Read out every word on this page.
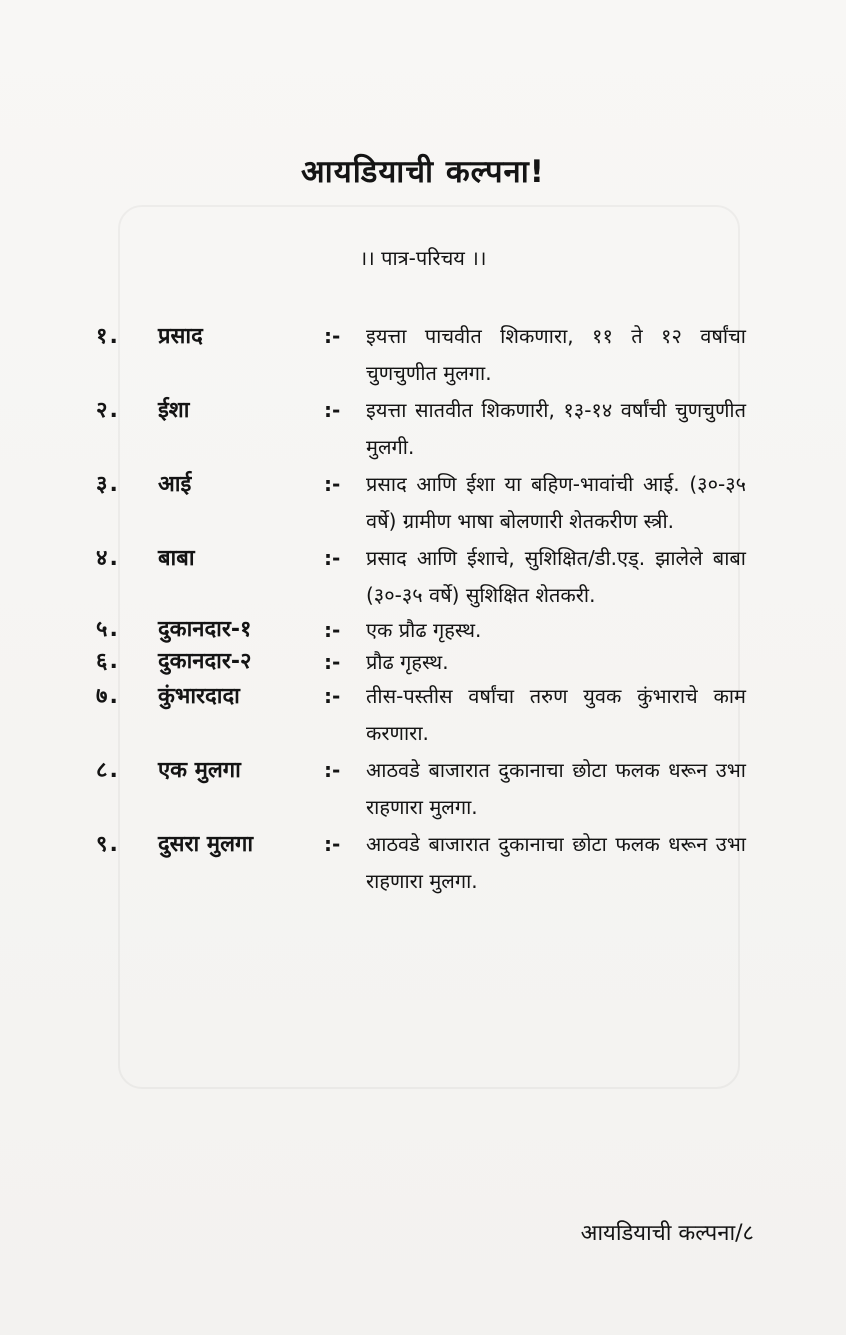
आयडियाची कल्पना!
।। पात्र-परिचय ।।
१.	प्रसाद	:-	इयत्ता पाचवीत शिकणारा, ११ ते १२ वर्षांचा चुणचुणीत मुलगा.
२.	ईशा	:-	इयत्ता सातवीत शिकणारी, १३-१४ वर्षांची चुणचुणीत मुलगी.
३.	आई	:-	प्रसाद आणि ईशा या बहिण-भावांची आई. (३०-३५ वर्षे) ग्रामीण भाषा बोलणारी शेतकरीण स्त्री.
४.	बाबा	:-	प्रसाद आणि ईशाचे, सुशिक्षित/डी.एड्. झालेले बाबा (३०-३५ वर्षे) सुशिक्षित शेतकरी.
५.	दुकानदार-१	:-	एक प्रौढ गृहस्थ.
६.	दुकानदार-२	:-	प्रौढ गृहस्थ.
७.	कुंभारदादा	:-	तीस-पस्तीस वर्षांचा तरुण युवक कुंभाराचे काम करणारा.
८.	एक मुलगा	:-	आठवडे बाजारात दुकानाचा छोटा फलक धरून उभा राहणारा मुलगा.
९.	दुसरा मुलगा	:-	आठवडे बाजारात दुकानाचा छोटा फलक धरून उभा राहणारा मुलगा.
आयडियाची कल्पना/८
